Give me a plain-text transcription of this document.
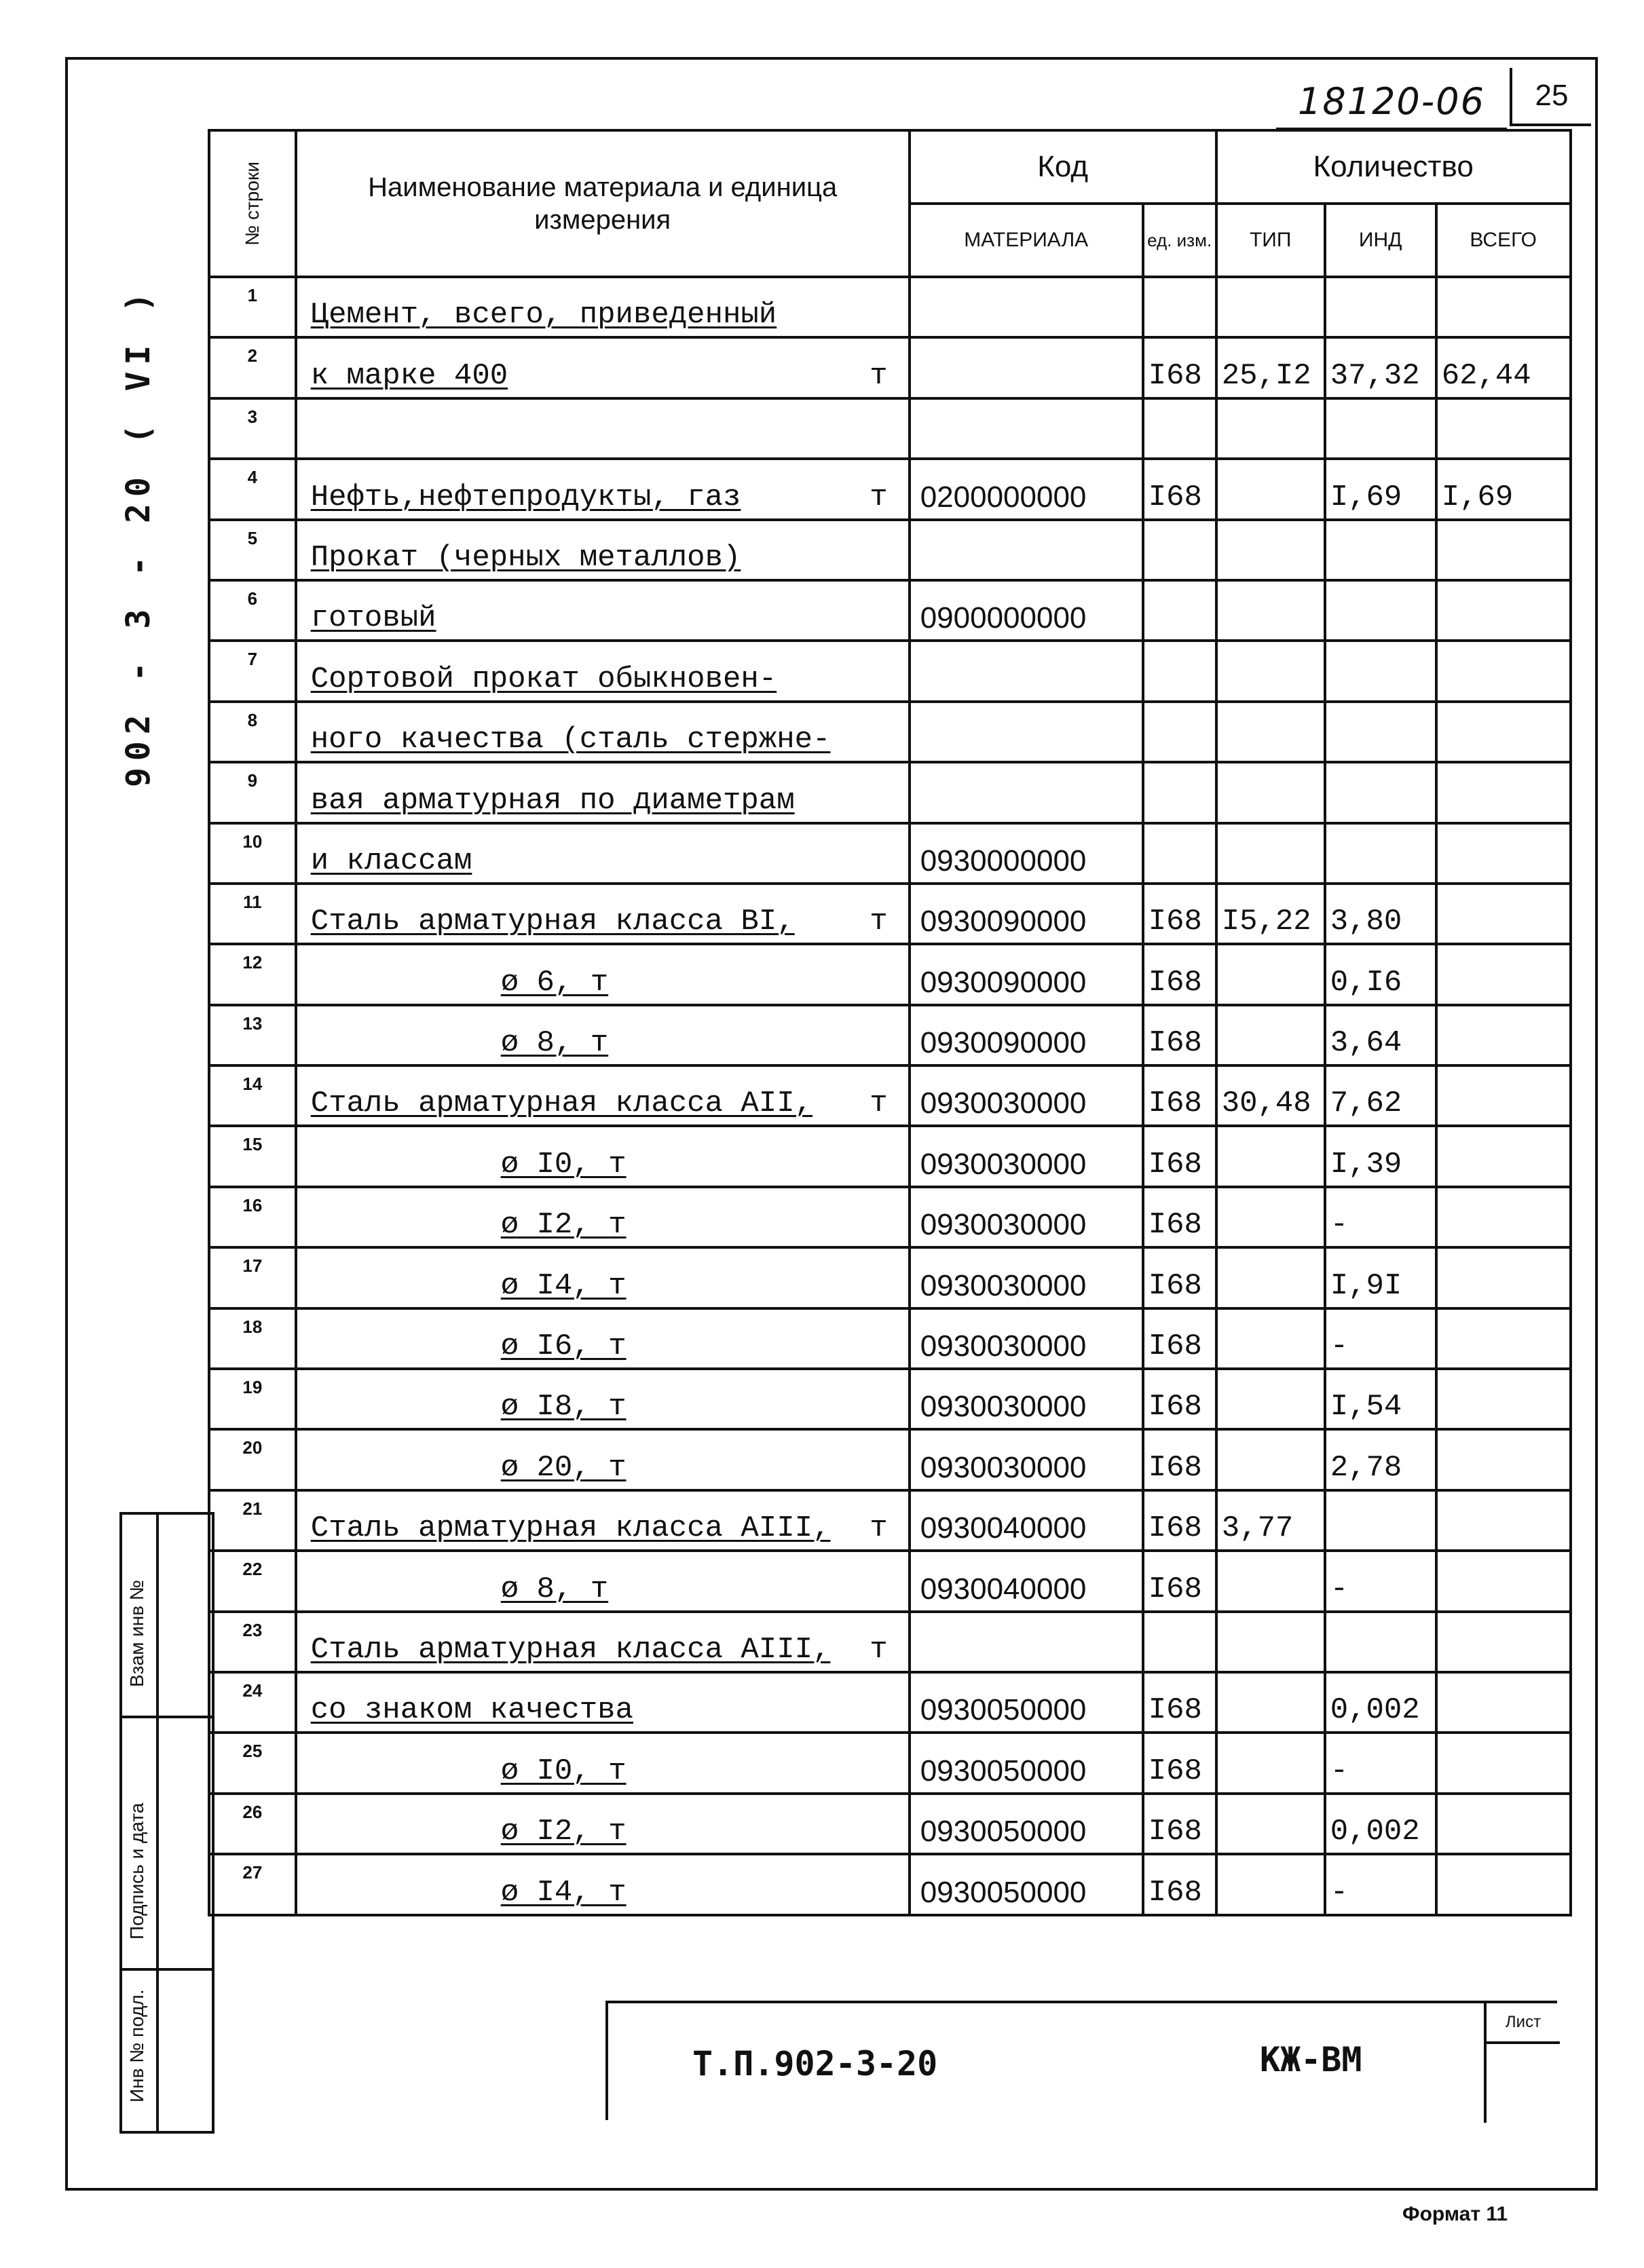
25
18120-06
902 - 3 - 20 ( VI )
№ строки	Наименование материала и единица измерения	Код		Количество		
		МАТЕРИАЛА	ед. изм.	ТИП	ИНД	ВСЕГО
1	Цемент, всего, приведенный

2	к марке 400 т		I68	25,I2	37,32	62,44
3	

4	Нефть,нефтепродукты, газ т	0200000000	I68		I,69	I,69
5	Прокат (черных металлов)

6	готовый	0900000000				
7	Сортовой прокат обыкновен-

8	ного качества (сталь стержне-

9	вая арматурная по диаметрам

10	и классам	0930000000				
11	Сталь арматурная класса BI, т	0930090000	I68	I5,22	3,80	
12	ø 6, т	0930090000	I68		0,I6	
13	ø 8, т	0930090000	I68		3,64	
14	Сталь арматурная класса АII, т	0930030000	I68	30,48	7,62	
15	ø I0, т	0930030000	I68		I,39	
16	ø I2, т	0930030000	I68		-	
17	ø I4, т	0930030000	I68		I,9I	
18	ø I6, т	0930030000	I68		-	
19	ø I8, т	0930030000	I68		I,54	
20	ø 20, т	0930030000	I68		2,78	
21	Сталь арматурная класса АIII, т	0930040000	I68	3,77		
22	ø 8, т	0930040000	I68		-	
23	Сталь арматурная класса АIII, т					

24	со знаком качества	0930050000	I68		0,002	
25	ø I0, т	0930050000	I68		-	
26	ø I2, т	0930050000	I68		0,002	
27	ø I4, т	0930050000	I68		-	
Взам инв №	

Подпись и дата	

Инв № подл.	
		Т.П.902-3-20	КЖ-ВМ
Лист
Формат 11
